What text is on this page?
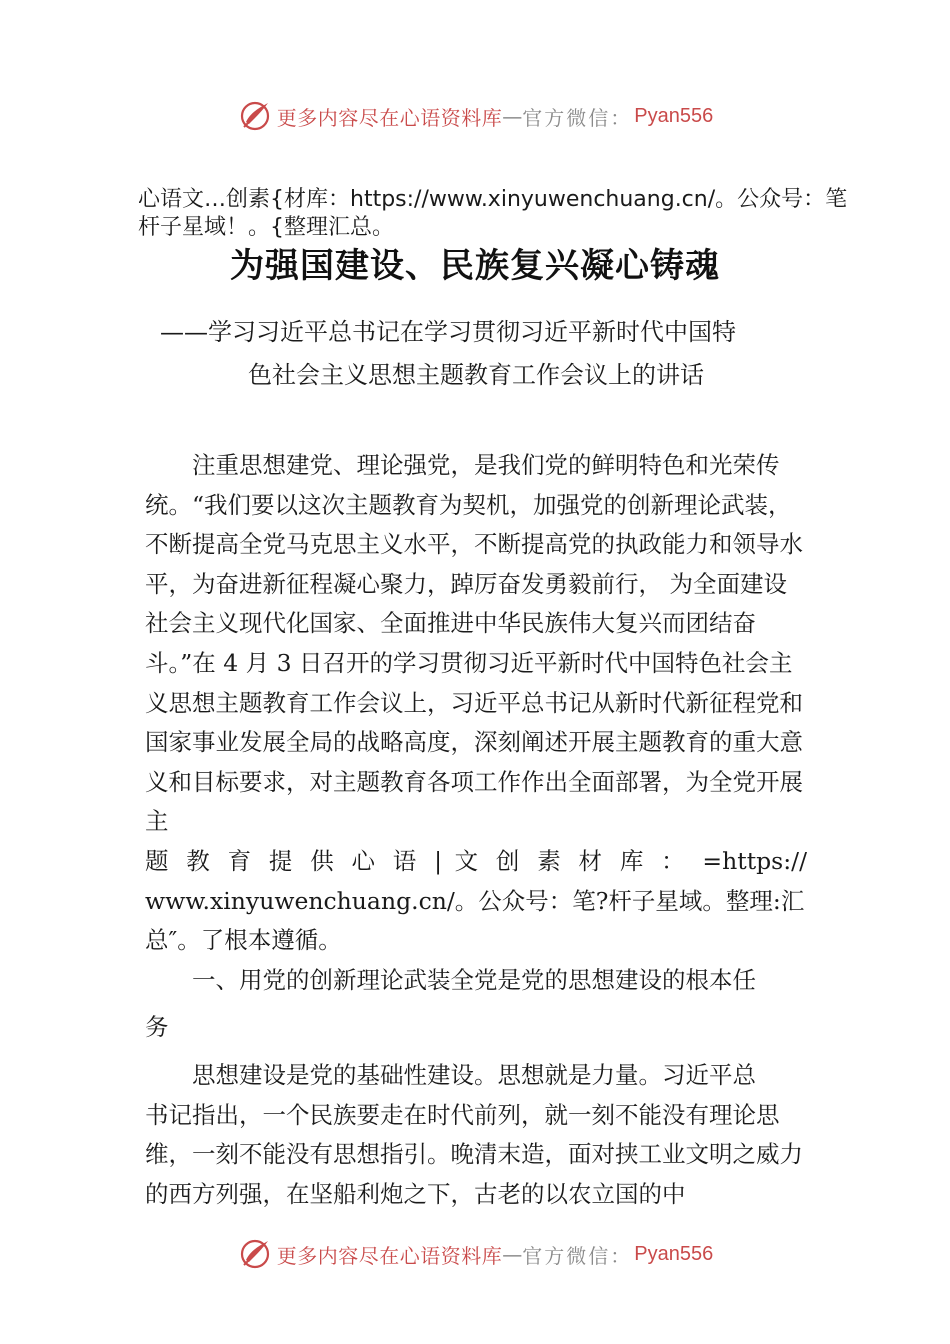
更多内容尽在心语资料库 — 官方微信： Pyan556
心语文…创素{材库：https://www.xinyuwenchuang.cn/。公众号：笔杆子星域！。{整理汇总。
为强国建设、民族复兴凝心铸魂
——学习习近平总书记在学习贯彻习近平新时代中国特
色社会主义思想主题教育工作会议上的讲话

注重思想建党、理论强党，是我们党的鲜明特色和光荣传统。“我们要以这次主题教育为契机，加强党的创新理论武装，不断提高全党马克思主义水平，不断提高党的执政能力和领导水平，为奋进新征程凝心聚力，踔厉奋发勇毅前行， 为全面建设社会主义现代化国家、全面推进中华民族伟大复兴而团结奋斗。”在 4 月 3 日召开的学习贯彻习近平新时代中国特色社会主义思想主题教育工作会议上，习近平总书记从新时代新征程党和国家事业发展全局的战略高度，深刻阐述开展主题教育的重大意义和目标要求，对主题教育各项工作作出全面部署，为全党开展主

题 教 育 提 供 心 语 | 文 创 素 材 库 ： =https://

www.xinyuwenchuang.cn/。公众号：笔?杆子星域。整理:汇总″。了根本遵循。

一、用党的创新理论武装全党是党的思想建设的根本任

务

思想建设是党的基础性建设。思想就是力量。习近平总

书记指出，一个民族要走在时代前列，就一刻不能没有理论思维，一刻不能没有思想指引。晚清末造，面对挟工业文明之威力的西方列强，在坚船利炮之下，古老的以农立国的中

更多内容尽在心语资料库 — 官方微信： Pyan556
